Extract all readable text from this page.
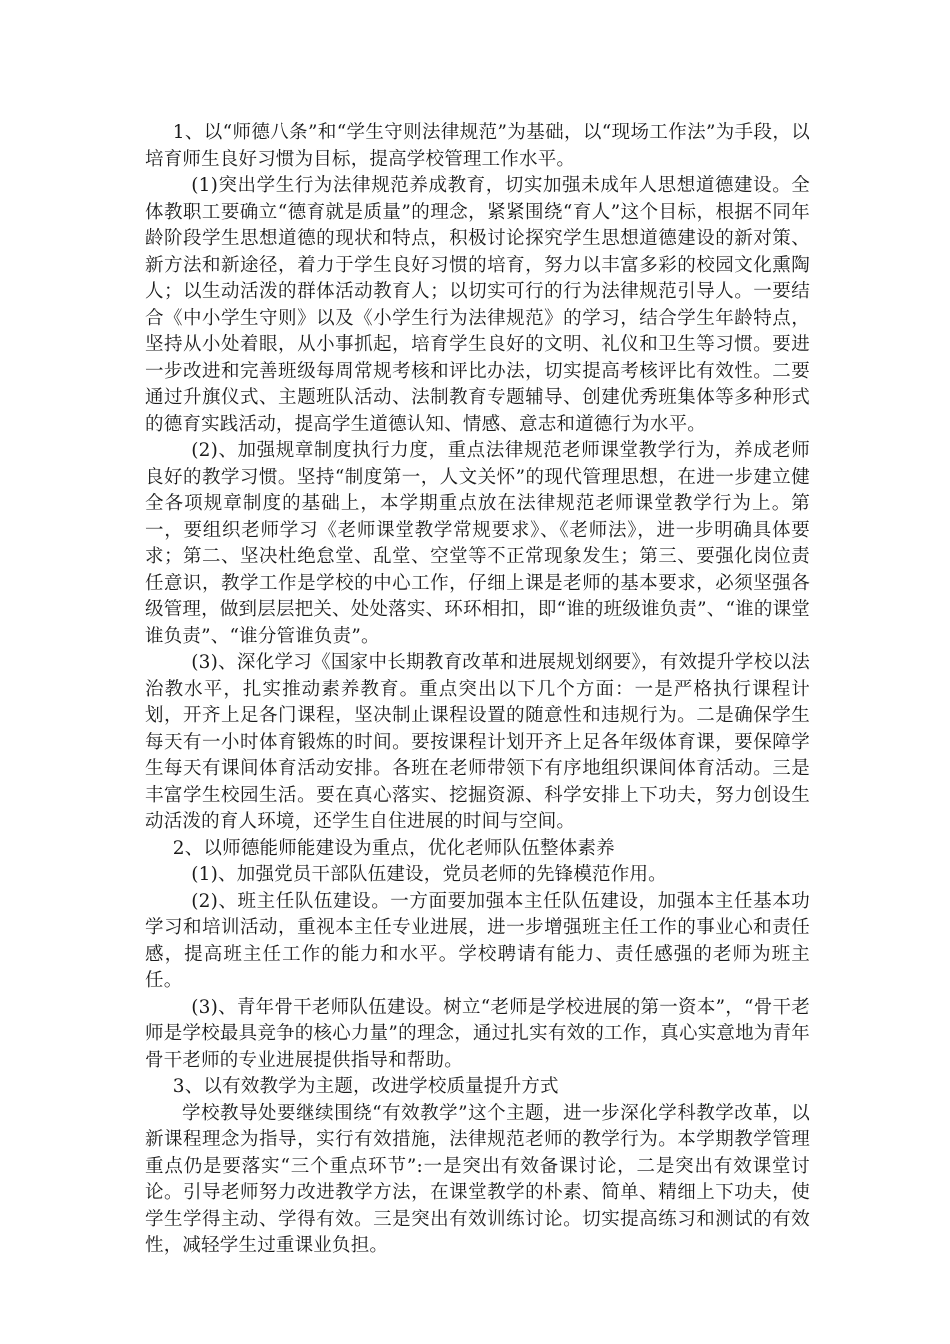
1、以“师德八条”和“学生守则法律规范”为基础，以“现场工作法”为手段，以培育师生良好习惯为目标，提高学校管理工作水平。

(1)突出学生行为法律规范养成教育，切实加强未成年人思想道德建设。全体教职工要确立“德育就是质量”的理念，紧紧围绕“育人”这个目标，根据不同年龄阶段学生思想道德的现状和特点，积极讨论探究学生思想道德建设的新对策、新方法和新途径，着力于学生良好习惯的培育，努力以丰富多彩的校园文化熏陶人；以生动活泼的群体活动教育人；以切实可行的行为法律规范引导人。一要结合《中小学生守则》以及《小学生行为法律规范》的学习，结合学生年龄特点，坚持从小处着眼，从小事抓起，培育学生良好的文明、礼仪和卫生等习惯。要进一步改进和完善班级每周常规考核和评比办法，切实提高考核评比有效性。二要通过升旗仪式、主题班队活动、法制教育专题辅导、创建优秀班集体等多种形式的德育实践活动，提高学生道德认知、情感、意志和道德行为水平。

(2)、加强规章制度执行力度，重点法律规范老师课堂教学行为，养成老师良好的教学习惯。坚持“制度第一，人文关怀”的现代管理思想，在进一步建立健全各项规章制度的基础上，本学期重点放在法律规范老师课堂教学行为上。第一，要组织老师学习《老师课堂教学常规要求》、《老师法》，进一步明确具体要求；第二、坚决杜绝怠堂、乱堂、空堂等不正常现象发生；第三、要强化岗位责任意识，教学工作是学校的中心工作，仔细上课是老师的基本要求，必须坚强各级管理，做到层层把关、处处落实、环环相扣，即“谁的班级谁负责”、“谁的课堂谁负责”、“谁分管谁负责”。

(3)、深化学习《国家中长期教育改革和进展规划纲要》，有效提升学校以法治教水平，扎实推动素养教育。重点突出以下几个方面：一是严格执行课程计划，开齐上足各门课程，坚决制止课程设置的随意性和违规行为。二是确保学生每天有一小时体育锻炼的时间。要按课程计划开齐上足各年级体育课，要保障学生每天有课间体育活动安排。各班在老师带领下有序地组织课间体育活动。三是丰富学生校园生活。要在真心落实、挖掘资源、科学安排上下功夫，努力创设生动活泼的育人环境，还学生自住进展的时间与空间。

2、以师德能师能建设为重点，优化老师队伍整体素养

(1)、加强党员干部队伍建设，党员老师的先锋模范作用。

(2)、班主任队伍建设。一方面要加强本主任队伍建设，加强本主任基本功学习和培训活动，重视本主任专业进展，进一步增强班主任工作的事业心和责任感，提高班主任工作的能力和水平。学校聘请有能力、责任感强的老师为班主任。

(3)、青年骨干老师队伍建设。树立“老师是学校进展的第一资本”，“骨干老师是学校最具竞争的核心力量”的理念，通过扎实有效的工作，真心实意地为青年骨干老师的专业进展提供指导和帮助。

3、以有效教学为主题，改进学校质量提升方式

学校教导处要继续围绕“有效教学”这个主题，进一步深化学科教学改革，以新课程理念为指导，实行有效措施，法律规范老师的教学行为。本学期教学管理重点仍是要落实“三个重点环节”:一是突出有效备课讨论，二是突出有效课堂讨论。引导老师努力改进教学方法，在课堂教学的朴素、简单、精细上下功夫，使学生学得主动、学得有效。三是突出有效训练讨论。切实提高练习和测试的有效性，减轻学生过重课业负担。
